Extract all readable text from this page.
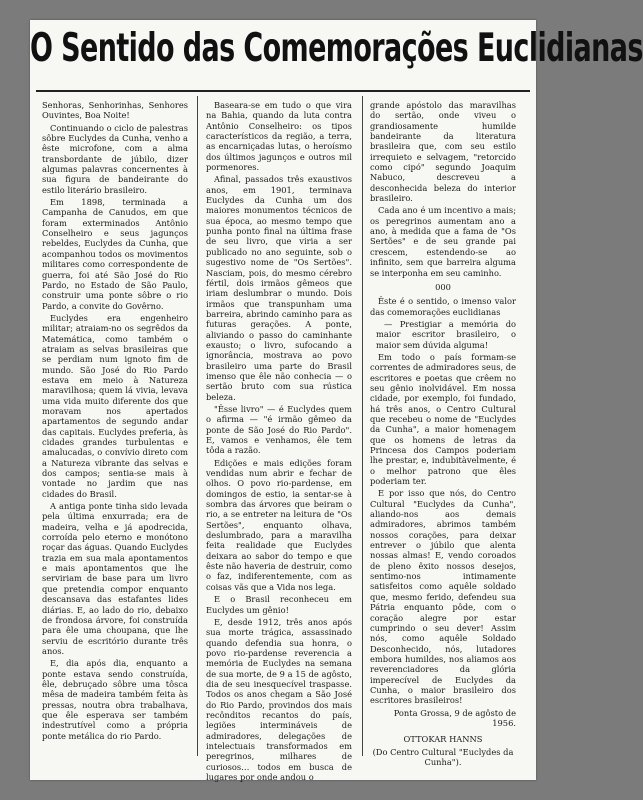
O Sentido das Comemorações Euclidianas

Senhoras, Senhorinhas, Senhores Ouvintes, Boa Noite!

Continuando o ciclo de palestras sôbre Euclydes da Cunha, venho a êste microfone, com a alma transbordante de júbilo, dizer algumas palavras concernentes à sua figura de bandeirante do estilo literário brasileiro.

Em 1898, terminada a Campanha de Canudos, em que foram exterminados Antônio Conselheiro e seus jagunços rebeldes, Euclydes da Cunha, que acompanhou todos os movimentos militares como correspondente de guerra, foi até São José do Rio Pardo, no Estado de São Paulo, construir uma ponte sôbre o rio Pardo, a convite do Govêrno.

Euclydes era engenheiro militar; atraiam-no os segrêdos da Matemática, como também o atraiam as selvas brasileiras que se perdiam num ignoto fim de mundo. São José do Rio Pardo estava em meio à Natureza maravilhosa; quem lá vivia, levava uma vida muito diferente dos que moravam nos apertados apartamentos de segundo andar das capitais. Euclydes preferia, às cidades grandes turbulentas e amalucadas, o convívio direto com a Natureza vibrante das selvas e dos campos; sentia-se mais à vontade no jardim que nas cidades do Brasil.

A antiga ponte tinha sido levada pela última enxurrada; era de madeira, velha e já apodrecida, corroída pelo eterno e monótono roçar das águas. Quando Euclydes trazia em sua mala apontamentos e mais apontamentos que lhe serviriam de base para um livro que pretendia compor enquanto descansava das estafantes lides diárias. E, ao lado do rio, debaixo de frondosa árvore, foi construída para êle uma choupana, que lhe serviu de escritório durante três anos.

E, dia após dia, enquanto a ponte estava sendo construída, êle, debruçado sôbre uma tôsca mêsa de madeira também feita às pressas, noutra obra trabalhava, que êle esperava ser também indestrutível como a própria ponte metálica do rio Pardo.

Baseara-se em tudo o que vira na Bahia, quando da luta contra Antônio Conselheiro: os tipos característicos da região, a terra, as encarniçadas lutas, o heroísmo dos últimos jagunços e outros mil pormenores.

Afinal, passados três exaustivos anos, em 1901, terminava Euclydes da Cunha um dos maiores monumentos técnicos de sua época, ao mesmo tempo que punha ponto final na última frase de seu livro, que viria a ser publicado no ano seguinte, sob o sugestivo nome de "Os Sertões". Nasciam, pois, do mesmo cérebro fértil, dois irmãos gêmeos que iriam deslumbrar o mundo. Dois irmãos que transpunham uma barreira, abrindo caminho para as futuras gerações. A ponte, aliviando o passo do caminhante exausto; o livro, sufocando a ignorância, mostrava ao povo brasileiro uma parte do Brasil imenso que êle não conhecia — o sertão bruto com sua rústica beleza.

"Êsse livro" — é Euclydes quem o afirma — "é irmão gêmeo da ponte de São José do Rio Pardo". E, vamos e venhamos, êle tem tôda a razão.

Edições e mais edições foram vendidas num abrir e fechar de olhos. O povo rio-pardense, em domingos de estio, ia sentar-se à sombra das árvores que beiram o rio, a se entreter na leitura de "Os Sertões", enquanto olhava, deslumbrado, para a maravilha feita realidade que Euclydes deixara ao sabor do tempo e que êste não haveria de destruir, como o faz, indiferentemente, com as coisas vãs que a Vida nos lega.

E o Brasil reconheceu em Euclydes um gênio!

E, desde 1912, três anos após sua morte trágica, assassinado quando defendia sua honra, o povo rio-pardense reverencia a memória de Euclydes na semana de sua morte, de 9 a 15 de agôsto, dia de seu inesquecível traspasse. Todos os anos chegam a São José do Rio Pardo, provindos dos mais recônditos recantos do país, legiões intermináveis de admiradores, delegações de intelectuais transformados em peregrinos, milhares de curiosos… todos em busca de lugares por onde andou o

grande apóstolo das maravilhas do sertão, onde viveu o grandiosamente humilde bandeirante da literatura brasileira que, com seu estilo irrequieto e selvagem, "retorcido como cipó" segundo Joaquim Nabuco, descreveu a desconhecida beleza do interior brasileiro.

Cada ano é um incentivo a mais; os peregrinos aumentam ano a ano, à medida que a fama de "Os Sertões" e de seu grande pai crescem, estendendo-se ao infinito, sem que barreira alguma se interponha em seu caminho.

000

Êste é o sentido, o imenso valor das comemorações euclidianas

— Prestigiar a memória do maior escritor brasileiro, o maior sem dúvida alguma!

Em todo o país formam-se correntes de admiradores seus, de escritores e poetas que crêem no seu gênio inolvidável. Em nossa cidade, por exemplo, foi fundado, há três anos, o Centro Cultural que recebeu o nome de "Euclydes da Cunha", a maior homenagem que os homens de letras da Princesa dos Campos poderiam lhe prestar, e, indubitàvelmente, é o melhor patrono que êles poderiam ter.

E por isso que nós, do Centro Cultural "Euclydes da Cunha", aliando-nos aos demais admiradores, abrimos também nossos corações, para deixar entrever o júbilo que alenta nossas almas! E, vendo coroados de pleno êxito nossos desejos, sentimo-nos intimamente satisfeitos como aquêle soldado que, mesmo ferido, defendeu sua Pátria enquanto pôde, com o coração alegre por estar cumprindo o seu dever! Assim nós, como aquêle Soldado Desconhecido, nós, lutadores embora humildes, nos aliamos aos reverenciadores da glória imperecível de Euclydes da Cunha, o maior brasileiro dos escritores brasileiros!

Ponta Grossa, 9 de agôsto de 1956.

OTTOKAR HANNS

(Do Centro Cultural "Euclydes da Cunha").
